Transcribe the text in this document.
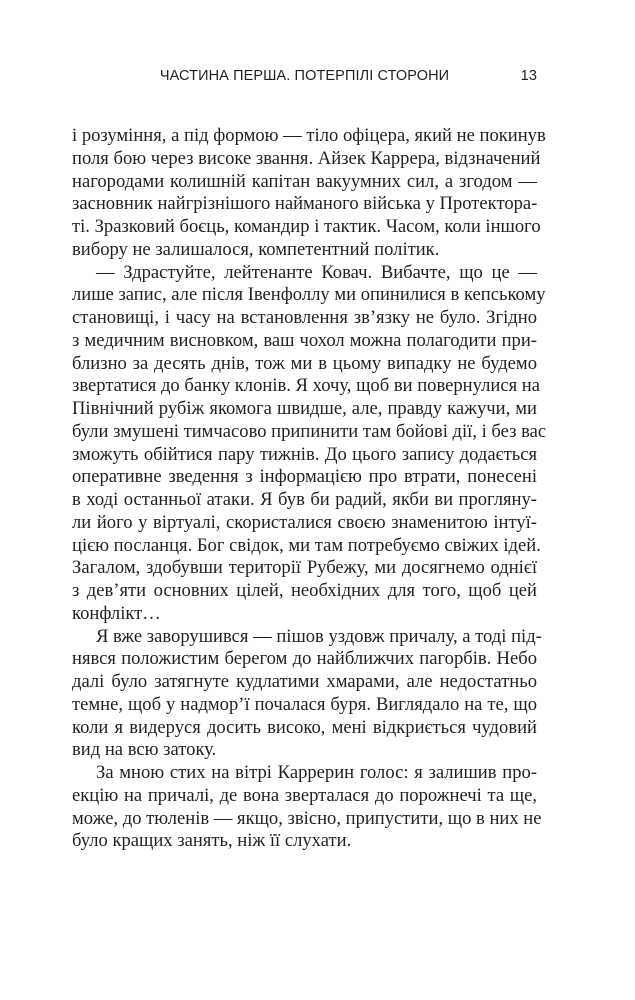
ЧАСТИНА ПЕРША. ПОТЕРПІЛІ СТОРОНИ	13
і розуміння, а під формою — тіло офіцера, який не покинув
поля бою через високе звання. Айзек Каррера, відзначений
нагородами колишній капітан вакуумних сил, а згодом —
засновник найгрізнішого найманого війська у Протектора-
ті. Зразковий боєць, командир і тактик. Часом, коли іншого
вибору не залишалося, компетентний політик.
— Здрастуйте, лейтенанте Ковач. Вибачте, що це —
лише запис, але після Івенфоллу ми опинилися в кепському
становищі, і часу на встановлення зв’язку не було. Згідно
з медичним висновком, ваш чохол можна полагодити при-
близно за десять днів, тож ми в цьому випадку не будемо
звертатися до банку клонів. Я хочу, щоб ви повернулися на
Північний рубіж якомога швидше, але, правду кажучи, ми
були змушені тимчасово припинити там бойові дії, і без вас
зможуть обійтися пару тижнів. До цього запису додається
оперативне зведення з інформацією про втрати, понесені
в ході останньої атаки. Я був би радий, якби ви прогляну-
ли його у віртуалі, скористалися своєю знаменитою інтуї-
цією посланця. Бог свідок, ми там потребуємо свіжих ідей.
Загалом, здобувши території Рубежу, ми досягнемо однієї
з дев’яти основних цілей, необхідних для того, щоб цей
конфлікт…
Я вже заворушився — пішов уздовж причалу, а тоді під-
нявся положистим берегом до найближчих пагорбів. Небо
далі було затягнуте кудлатими хмарами, але недостатньо
темне, щоб у надмор’ї почалася буря. Виглядало на те, що
коли я видеруся досить високо, мені відкриється чудовий
вид на всю затоку.
За мною стих на вітрі Каррерин голос: я залишив про-
екцію на причалі, де вона зверталася до порожнечі та ще,
може, до тюленів — якщо, звісно, припустити, що в них не
було кращих занять, ніж її слухати.
